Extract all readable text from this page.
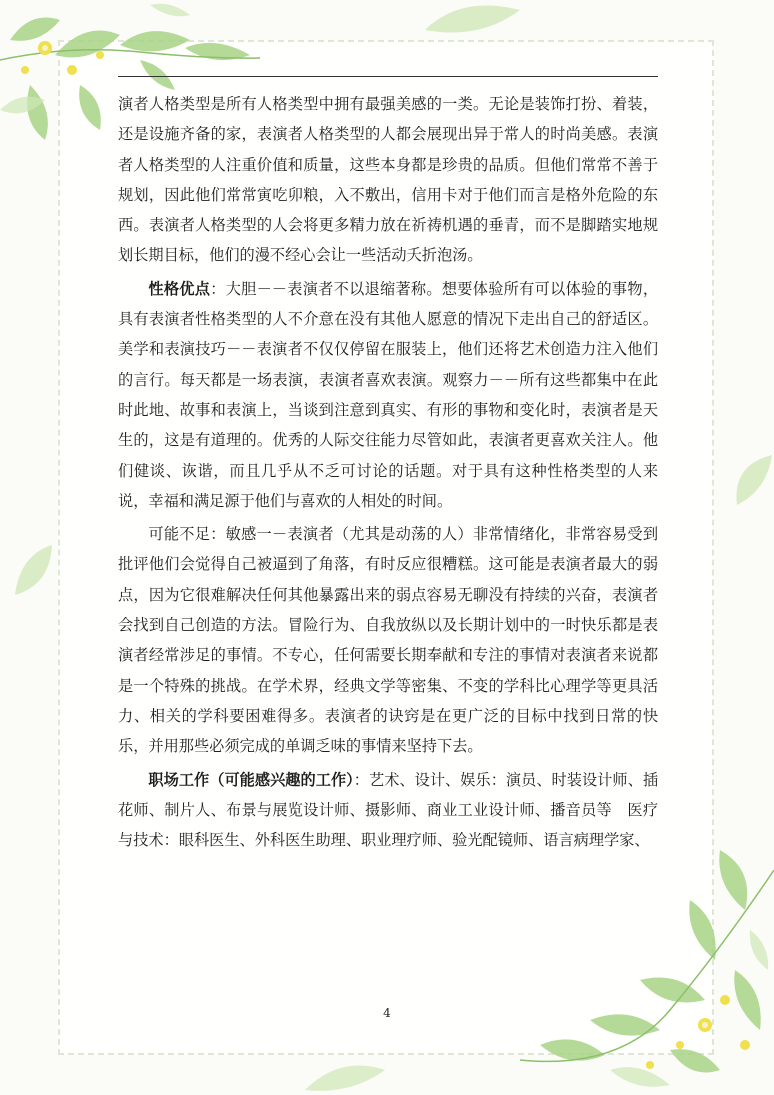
演者人格类型是所有人格类型中拥有最强美感的一类。无论是装饰打扮、着装，还是设施齐备的家，表演者人格类型的人都会展现出异于常人的时尚美感。表演者人格类型的人注重价值和质量，这些本身都是珍贵的品质。但他们常常不善于规划，因此他们常常寅吃卯粮，入不敷出，信用卡对于他们而言是格外危险的东西。表演者人格类型的人会将更多精力放在祈祷机遇的垂青，而不是脚踏实地规划长期目标，他们的漫不经心会让一些活动夭折泡汤。

性格优点：大胆－－表演者不以退缩著称。想要体验所有可以体验的事物，具有表演者性格类型的人不介意在没有其他人愿意的情况下走出自己的舒适区。美学和表演技巧－－表演者不仅仅停留在服装上，他们还将艺术创造力注入他们的言行。每天都是一场表演，表演者喜欢表演。观察力－－所有这些都集中在此时此地、故事和表演上，当谈到注意到真实、有形的事物和变化时，表演者是天生的，这是有道理的。优秀的人际交往能力尽管如此，表演者更喜欢关注人。他们健谈、诙谐，而且几乎从不乏可讨论的话题。对于具有这种性格类型的人来说，幸福和满足源于他们与喜欢的人相处的时间。

可能不足：敏感一－表演者（尤其是动荡的人）非常情绪化，非常容易受到批评他们会觉得自己被逼到了角落，有时反应很糟糕。这可能是表演者最大的弱点，因为它很难解决任何其他暴露出来的弱点容易无聊没有持续的兴奋，表演者会找到自己创造的方法。冒险行为、自我放纵以及长期计划中的一时快乐都是表演者经常涉足的事情。不专心，任何需要长期奉献和专注的事情对表演者来说都是一个特殊的挑战。在学术界，经典文学等密集、不变的学科比心理学等更具活力、相关的学科要困难得多。表演者的诀窍是在更广泛的目标中找到日常的快乐，并用那些必须完成的单调乏味的事情来坚持下去。

职场工作（可能感兴趣的工作）：艺术、设计、娱乐：演员、时装设计师、插花师、制片人、布景与展览设计师、摄影师、商业工业设计师、播音员等　医疗与技术：眼科医生、外科医生助理、职业理疗师、验光配镜师、语言病理学家、

4
